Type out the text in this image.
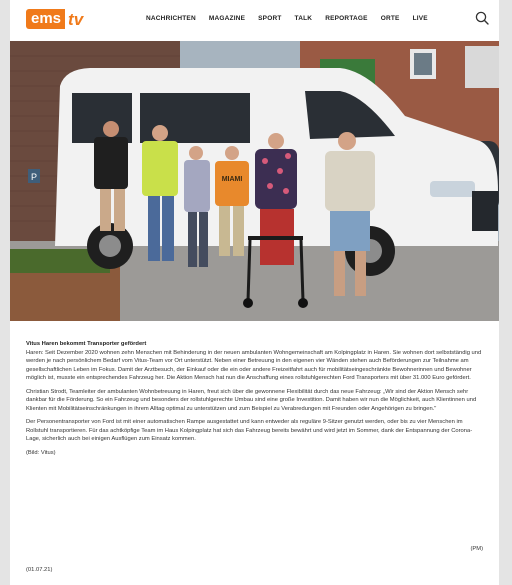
ems tv	NACHRICHTEN MAGAZINE SPORT TALK REPORTAGE ORTE LIVE
P	MIAMI
Vitus Haren bekommt Transporter gefördert

Haren: Seit Dezember 2020 wohnen zehn Menschen mit Behinderung in der neuen ambulanten Wohngemeinschaft am Kolpingplatz in Haren. Sie wohnen dort selbstständig und werden je nach persönlichem Bedarf vom Vitus-Team vor Ort unterstützt. Neben einer Betreuung in den eigenen vier Wänden stehen auch Beförderungen zur Teilnahme am gesellschaftlichen Leben im Fokus. Damit der Arztbesuch, der Einkauf oder die ein oder andere Freizeitfahrt auch für mobilitätseingeschränkte Bewohnerinnen und Bewohner möglich ist, musste ein entsprechendes Fahrzeug her. Die Aktion Mensch hat nun die Anschaffung eines rollstuhlgerechten Ford Transporters mit über 31.000 Euro gefördert.

Christian Strodt, Teamleiter der ambulanten Wohnbetreuung in Haren, freut sich über die gewonnene Flexibilität durch das neue Fahrzeug: „Wir sind der Aktion Mensch sehr dankbar für die Förderung. So ein Fahrzeug und besonders der rollstuhlgerechte Umbau sind eine große Investition. Damit haben wir nun die Möglichkeit, auch Klientinnen und Klienten mit Mobilitätseinschränkungen in ihrem Alltag optimal zu unterstützen und zum Beispiel zu Verabredungen mit Freunden oder Angehörigen zu bringen."

Der Personentransporter von Ford ist mit einer automatischen Rampe ausgestattet und kann entweder als reguläre 9-Sitzer genutzt werden, oder bis zu vier Menschen im Rollstuhl transportieren. Für das achtköpfige Team im Haus Kolpingplatz hat sich das Fahrzeug bereits bewährt und wird jetzt im Sommer, dank der Entspannung der Corona-Lage, sicherlich auch bei einigen Ausflügen zum Einsatz kommen.

(Bild: Vitus)

(PM)
(01.07.21)
